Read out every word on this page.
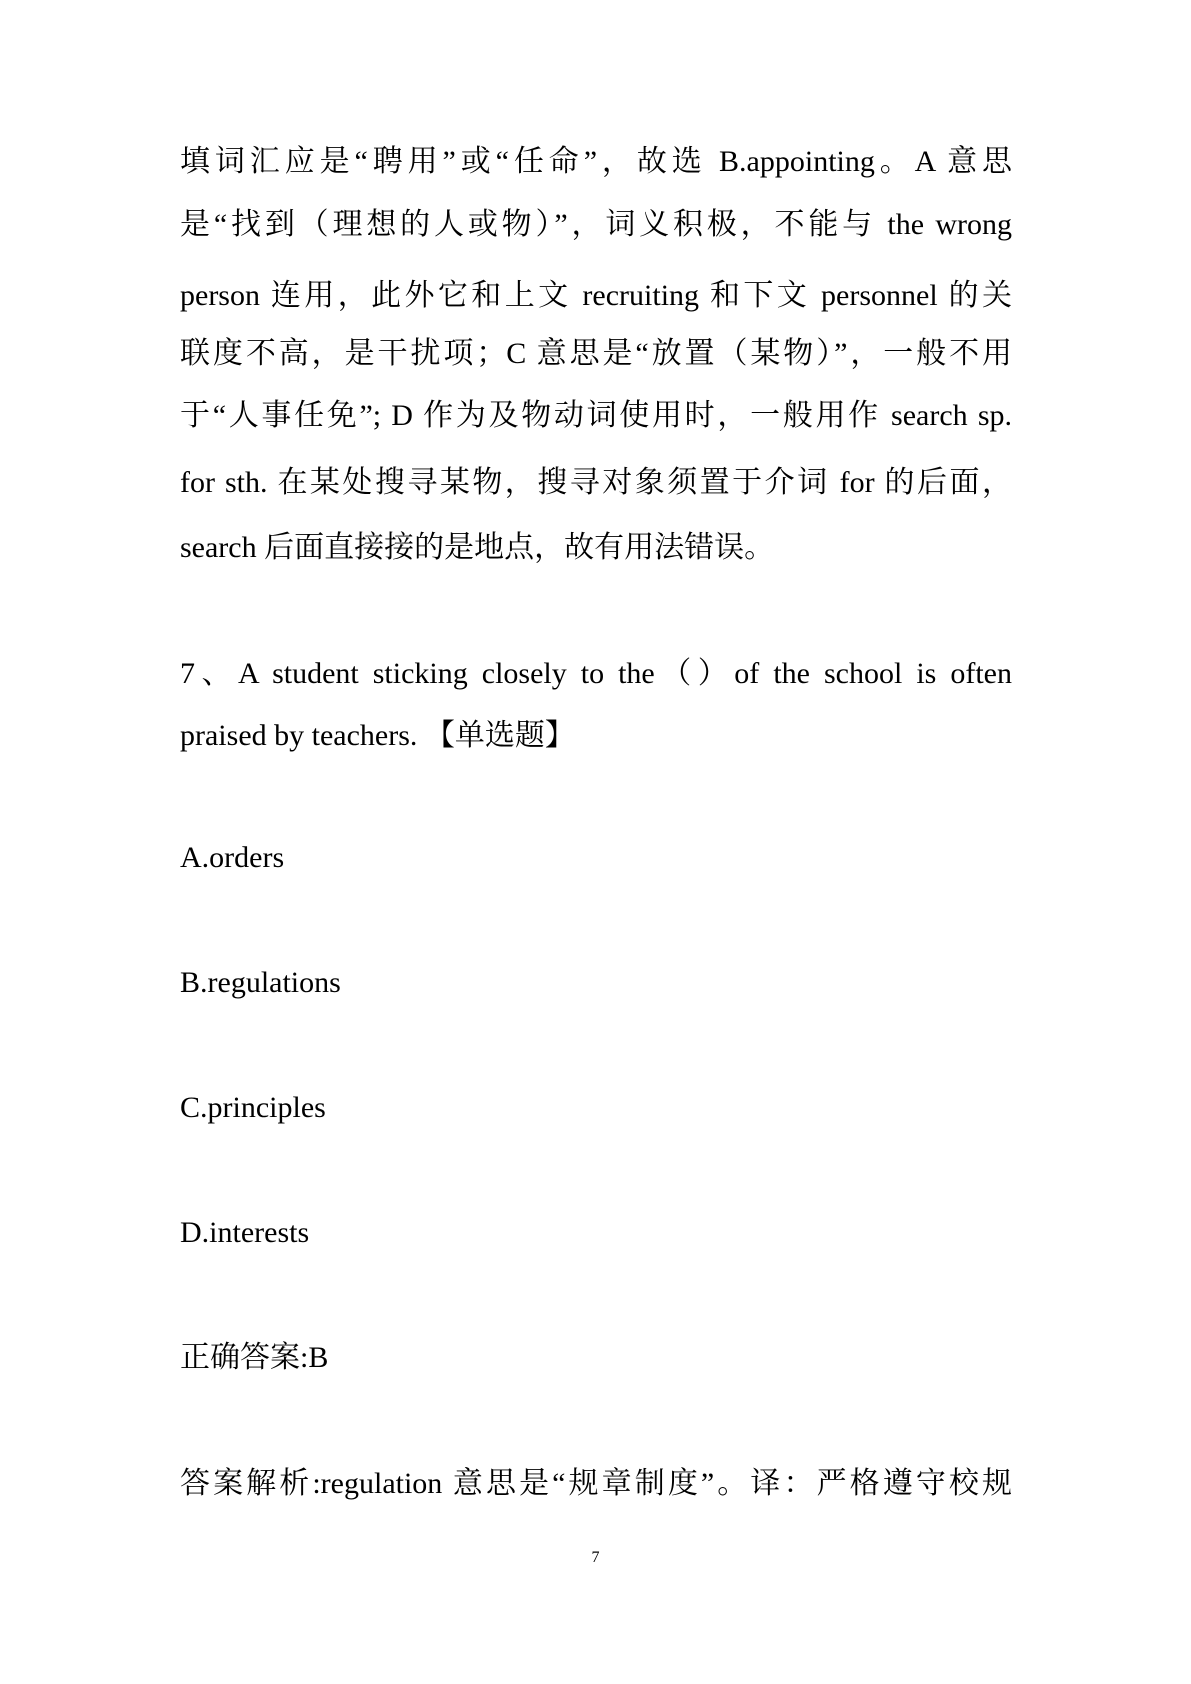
填词汇应是“聘用”或“任命”，故选 B.appointing。A 意思
是“找到（理想的人或物）”，词义积极，不能与 the wrong
person 连用，此外它和上文 recruiting 和下文 personnel 的关
联度不高，是干扰项；C 意思是“放置（某物）”，一般不用
于“人事任免”; D 作为及物动词使用时，一般用作 search sp.
for sth. 在某处搜寻某物，搜寻对象须置于介词 for 的后面，
search 后面直接接的是地点，故有用法错误。
7、A student sticking closely to the（）of the school is often
praised by teachers. 【单选题】
A.orders
B.regulations
C.principles
D.interests
正确答案:B
答案解析:regulation 意思是“规章制度”。译：严格遵守校规
7
